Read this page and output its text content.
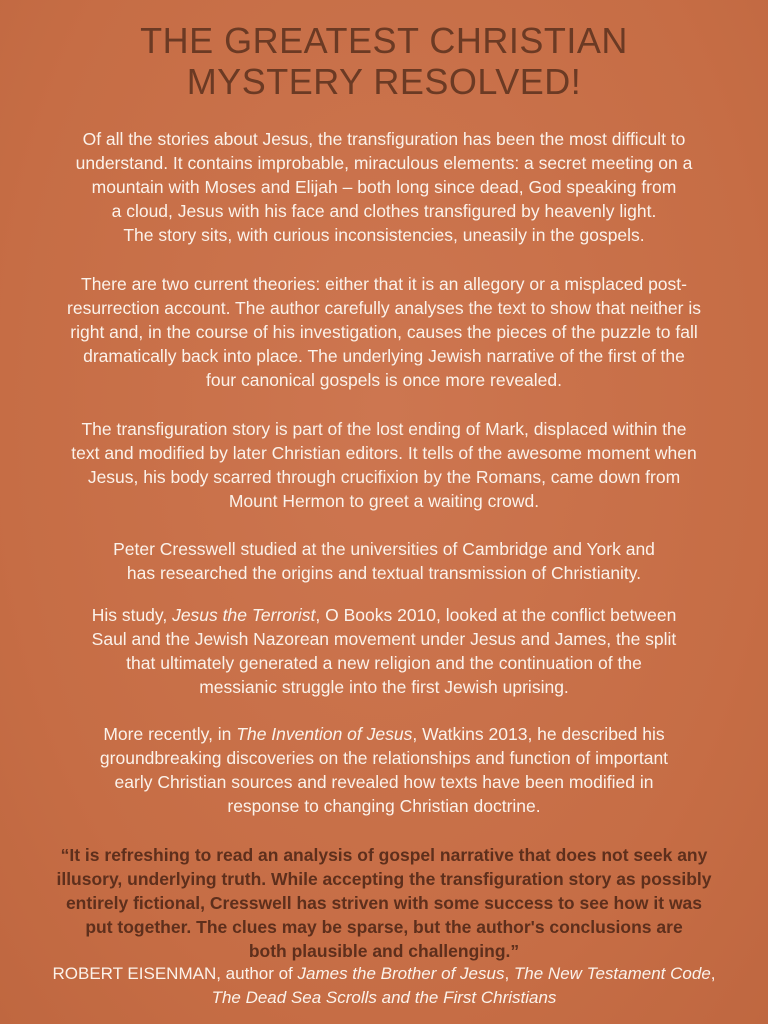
THE GREATEST CHRISTIAN
MYSTERY RESOLVED!
Of all the stories about Jesus, the transfiguration has been the most difficult to
understand. It contains improbable, miraculous elements: a secret meeting on a
mountain with Moses and Elijah – both long since dead, God speaking from
a cloud, Jesus with his face and clothes transfigured by heavenly light.
The story sits, with curious inconsistencies, uneasily in the gospels.
There are two current theories: either that it is an allegory or a misplaced post-
resurrection account. The author carefully analyses the text to show that neither is
right and, in the course of his investigation, causes the pieces of the puzzle to fall
dramatically back into place. The underlying Jewish narrative of the first of the
four canonical gospels is once more revealed.
The transfiguration story is part of the lost ending of Mark, displaced within the
text and modified by later Christian editors. It tells of the awesome moment when
Jesus, his body scarred through crucifixion by the Romans, came down from
Mount Hermon to greet a waiting crowd.
Peter Cresswell studied at the universities of Cambridge and York and
has researched the origins and textual transmission of Christianity.
His study, Jesus the Terrorist, O Books 2010, looked at the conflict between
Saul and the Jewish Nazorean movement under Jesus and James, the split
that ultimately generated a new religion and the continuation of the
messianic struggle into the first Jewish uprising.
More recently, in The Invention of Jesus, Watkins 2013, he described his
groundbreaking discoveries on the relationships and function of important
early Christian sources and revealed how texts have been modified in
response to changing Christian doctrine.
“It is refreshing to read an analysis of gospel narrative that does not seek any
illusory, underlying truth. While accepting the transfiguration story as possibly
entirely fictional, Cresswell has striven with some success to see how it was
put together. The clues may be sparse, but the author's conclusions are
both plausible and challenging.”
ROBERT EISENMAN, author of James the Brother of Jesus, The New Testament Code,
The Dead Sea Scrolls and the First Christians
